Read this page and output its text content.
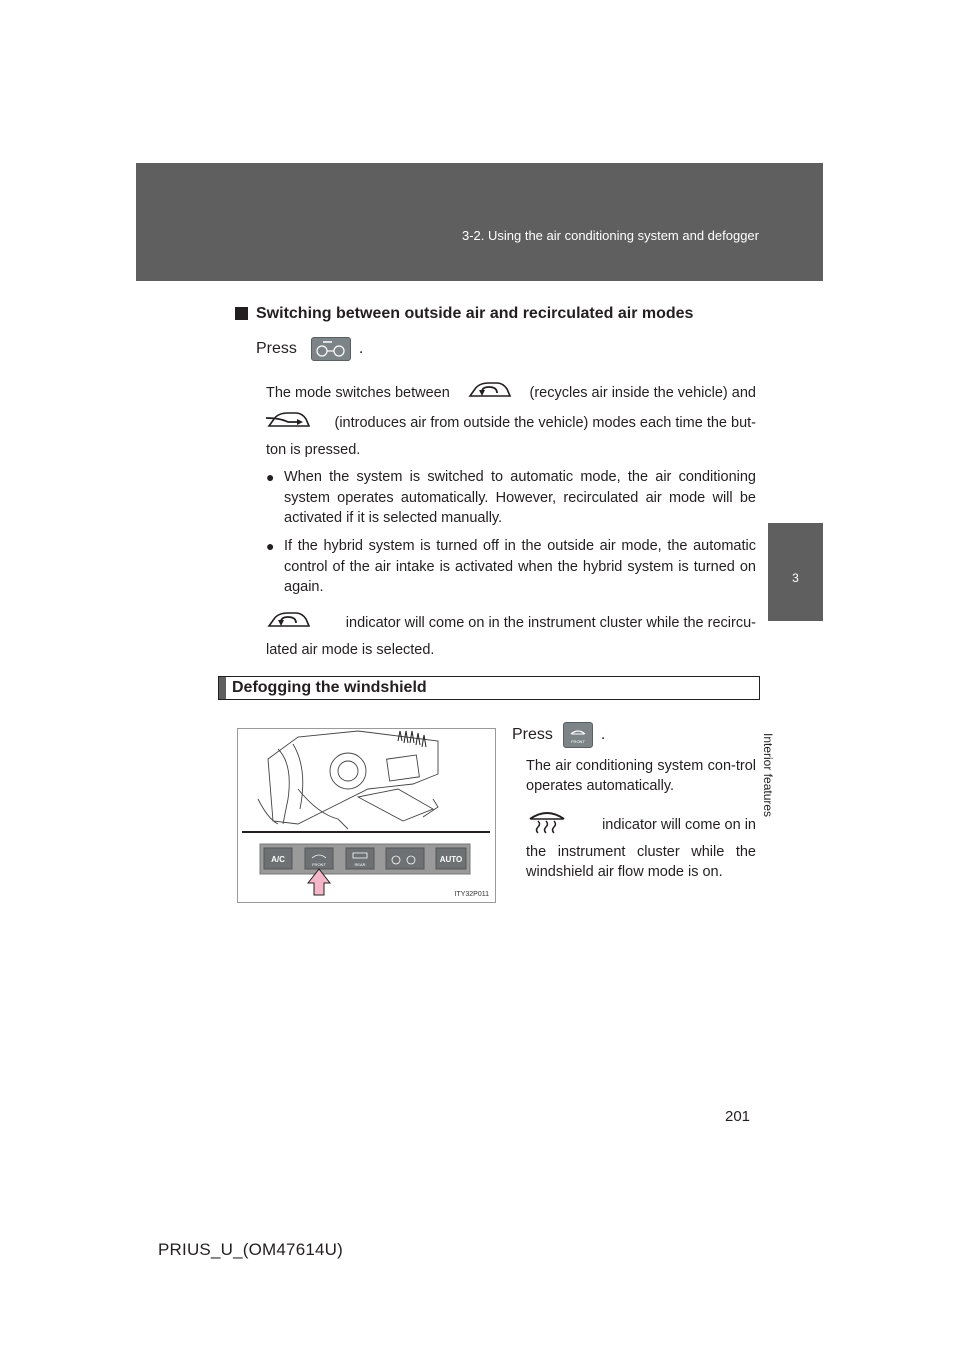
3-2. Using the air conditioning system and defogger
3
Interior features
Switching between outside air and recirculated air modes
Press	.
The mode switches between	(recycles air inside the vehicle) and
(introduces air from outside the vehicle) modes each time the but-
ton is pressed.
● When the system is switched to automatic mode, the air conditioning system operates automatically. However, recirculated air mode will be activated if it is selected manually.
● If the hybrid system is turned off in the outside air mode, the automatic control of the air intake is activated when the hybrid system is turned on again.
indicator will come on in the instrument cluster while the recircu-
lated air mode is selected.
Defogging the windshield
A/C	AUTO
FRONT	REAR
ITY32P011
Press	FRONT .
The air conditioning system con-trol operates automatically.
indicator will come on in
the instrument cluster while the windshield air flow mode is on.
201
PRIUS_U_(OM47614U)
